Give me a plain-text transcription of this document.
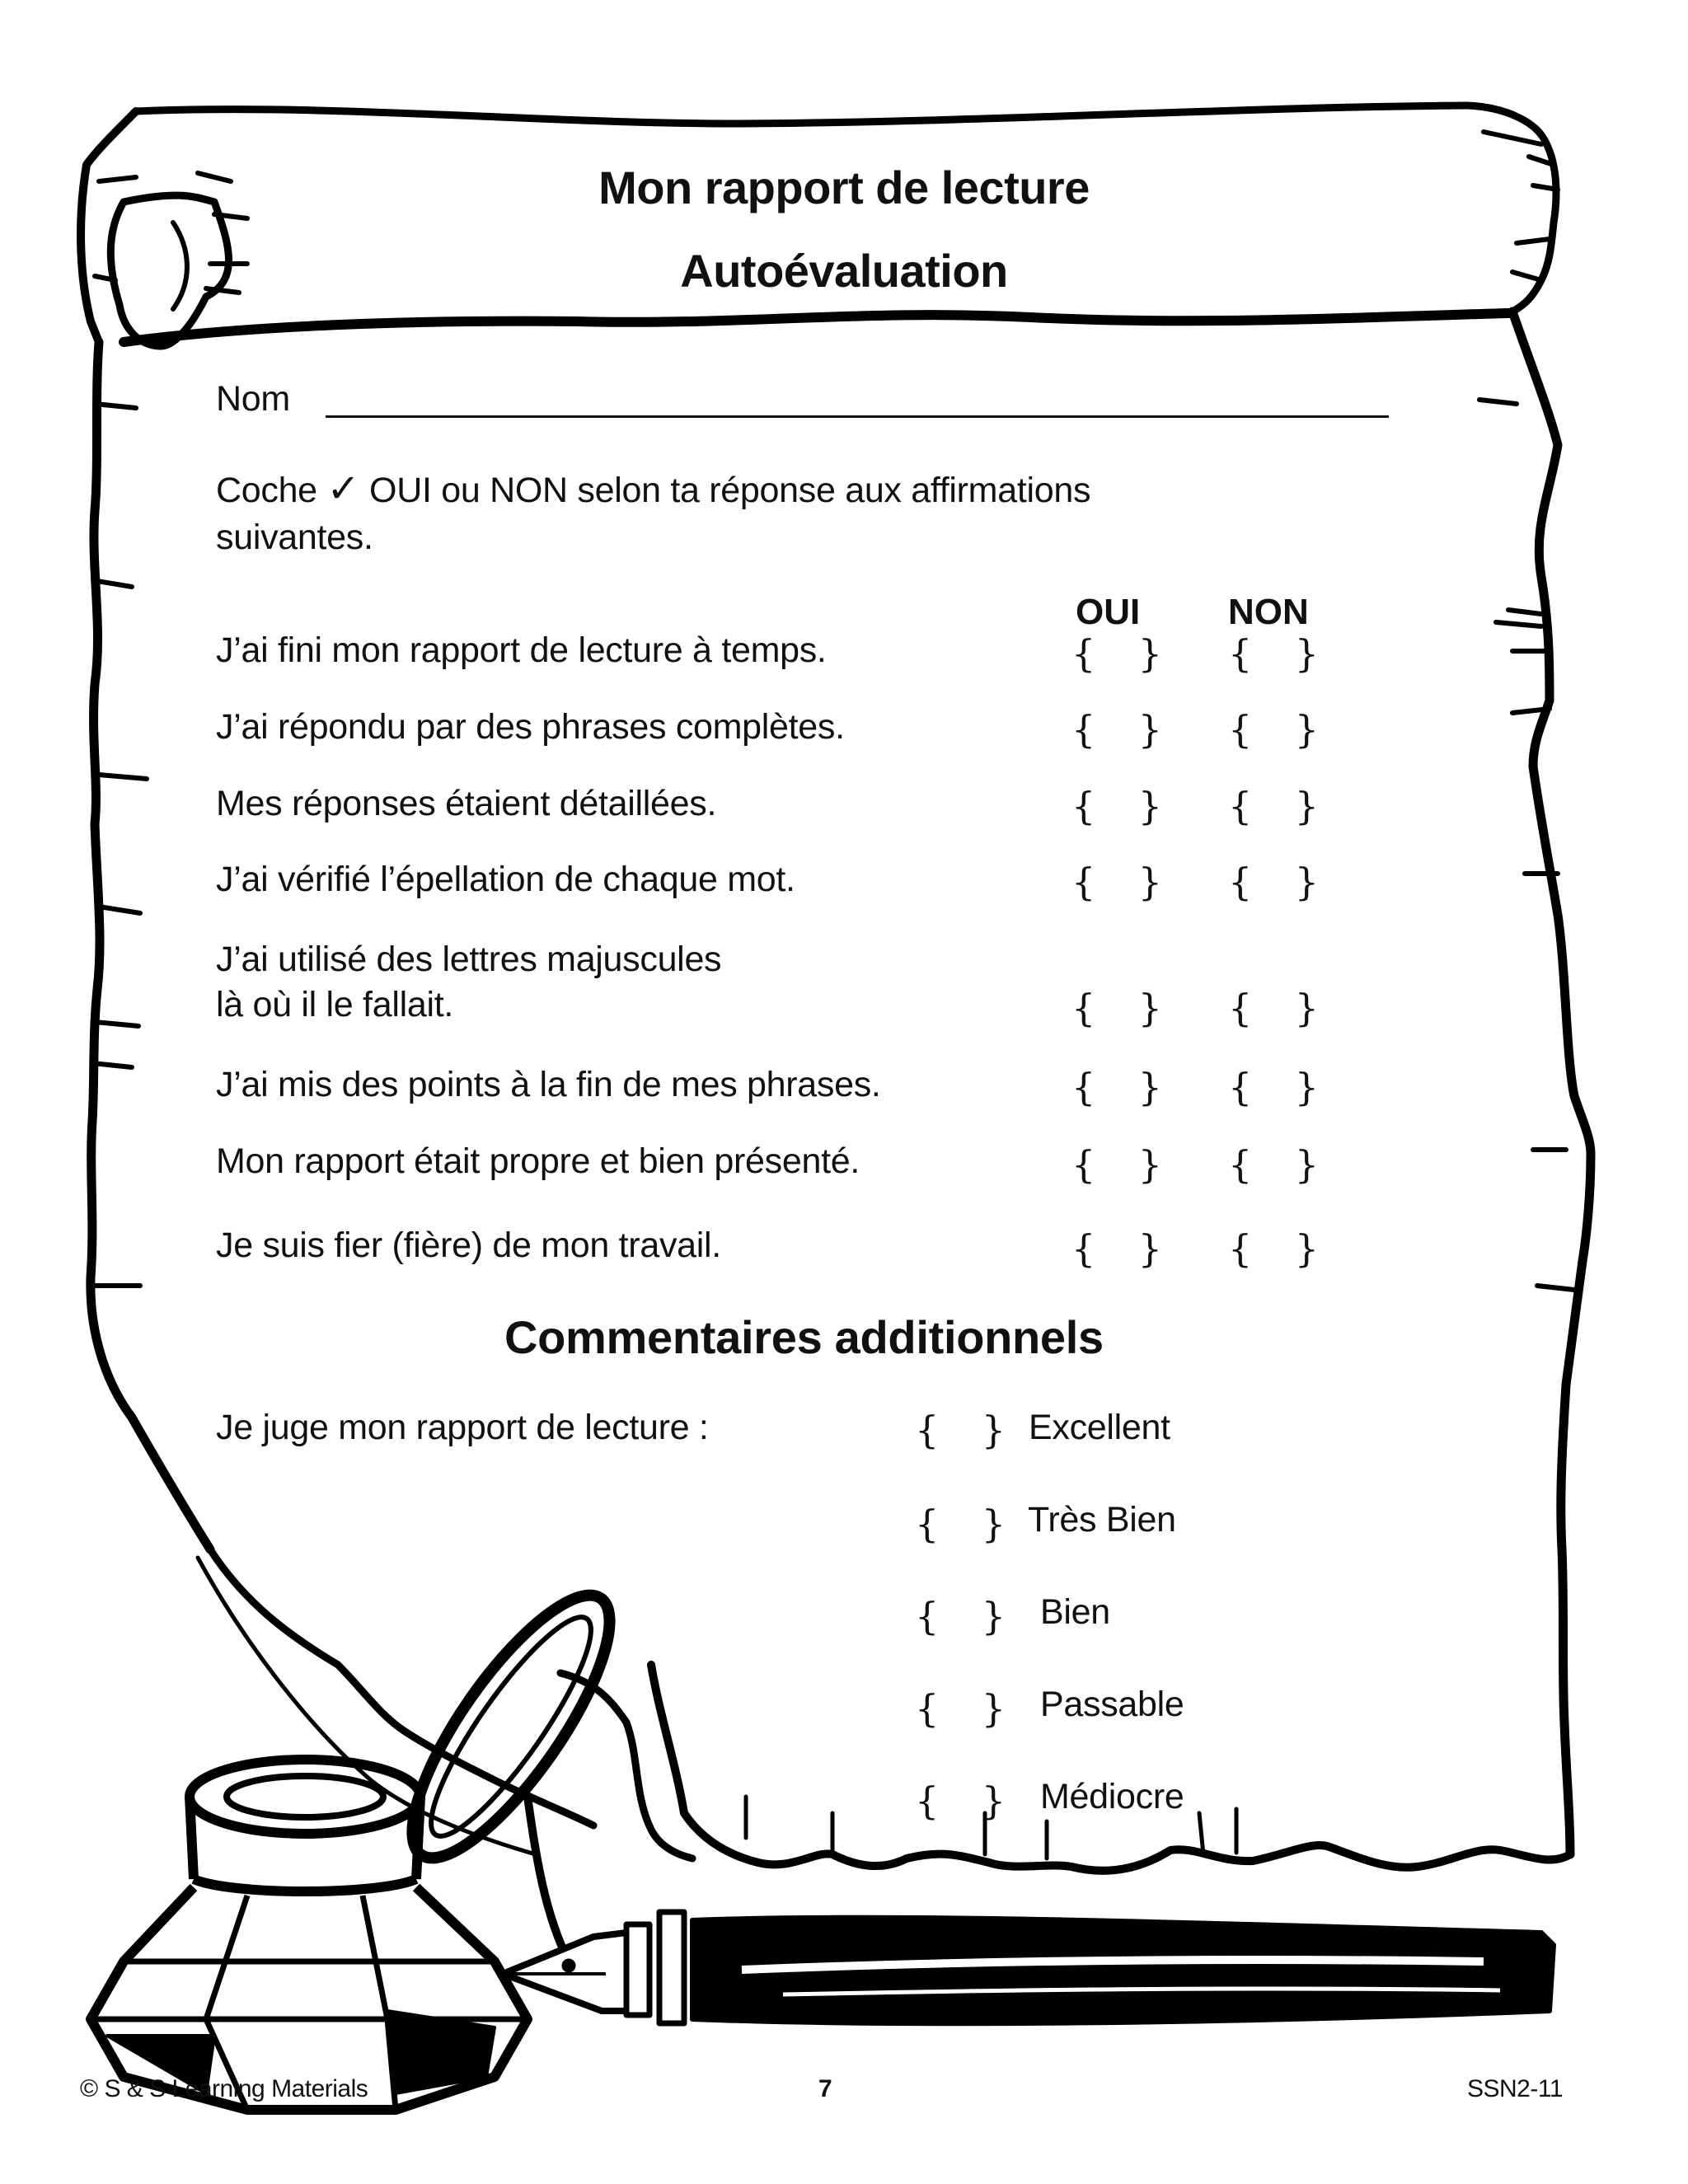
Mon rapport de lecture
Autoévaluation
Nom
Coche ✓ OUI ou NON selon ta réponse aux affirmations
suivantes.
OUI NON
J’ai fini mon rapport de lecture à temps.	{ } { }
J’ai répondu par des phrases complètes.	{ } { }
Mes réponses étaient détaillées.	{ } { }
J’ai vérifié l’épellation de chaque mot.	{ } { }
J’ai utilisé des lettres majuscules
là où il le fallait.	{ } { }
J’ai mis des points à la fin de mes phrases.	{ } { }
Mon rapport était propre et bien présenté.	{ } { }
Je suis fier (fière) de mon travail.	{ } { }
Commentaires additionnels
Je juge mon rapport de lecture :	{ } Excellent
{ } Très Bien
{ } Bien
{ } Passable
{ } Médiocre
© S & S Learning Materials	7	SSN2-11
